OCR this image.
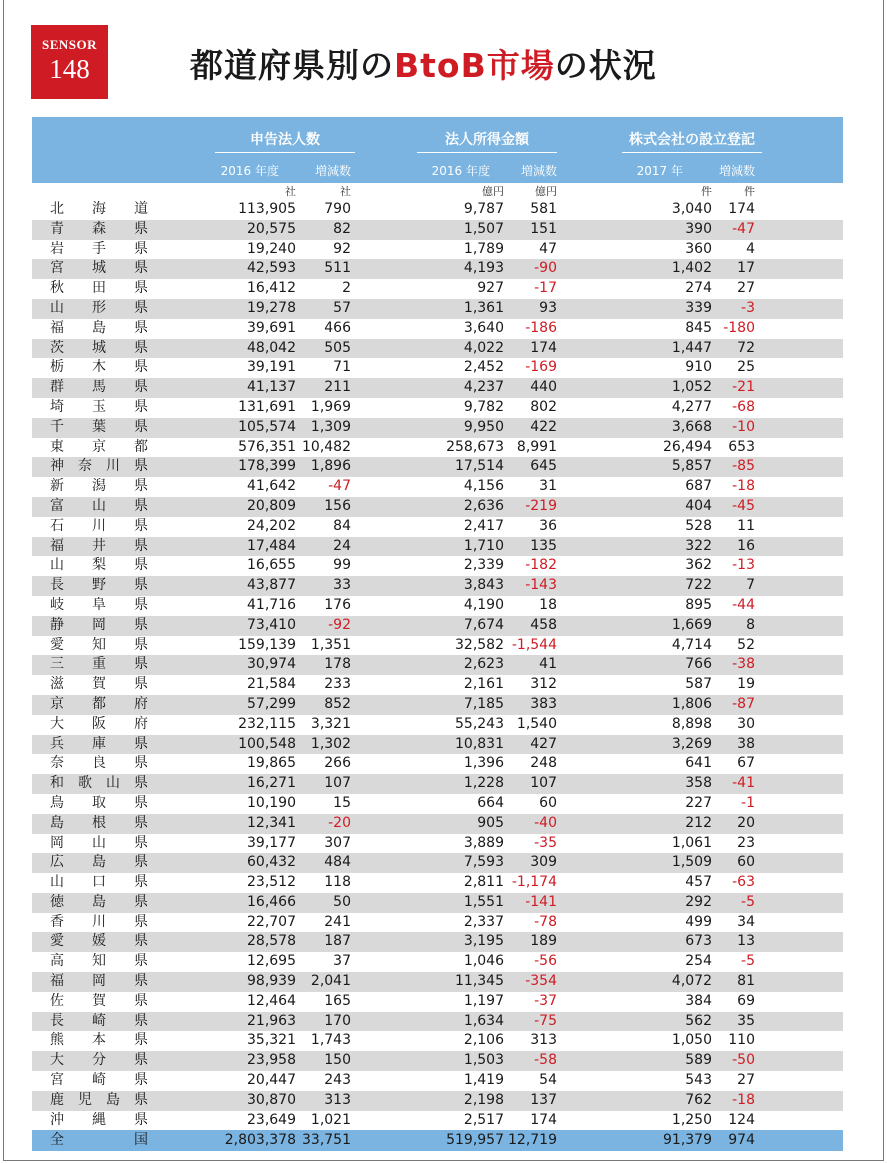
SENSOR
148	都道府県別のBtoB市場の状況
申告法人数	法人所得金額	株式会社の設立登記
2016 年度	増減数	2016 年度	増減数	2017 年	増減数
社	社	億円	億円	件	件
北 海 道	113,905 790	9,787 581	3,040 174
青 森 県	20,575	82	1,507 151	390 -47
岩 手 県	19,240	92	1,789	47	360 4
宮 城 県	42,593 511	4,193 -90	1,402 17
秋 田 県	16,412	2	927 -17	274 27
山 形 県	19,278	57	1,361	93	339 -3
福 島 県	39,691 466	3,640 -186	845 -180
茨 城 県	48,042 505	4,022 174	1,447 72
栃 木 県	39,191	71	2,452 -169	910 25
群 馬 県	41,137 211	4,237 440	1,052 -21
埼 玉 県	131,691 1,969	9,782 802	4,277 -68
千 葉 県	105,574 1,309	9,950 422	3,668 -10
東 京 都	576,351 10,482	258,673 8,991	26,494 653
神 奈 川 県	178,399 1,896	17,514 645	5,857 -85
新 潟 県	41,642 -47	4,156	31	687 -18
富 山 県	20,809 156	2,636 -219	404 -45
石 川 県	24,202	84	2,417	36	528 11
福 井 県	17,484	24	1,710 135	322 16
山 梨 県	16,655	99	2,339 -182	362 -13
長 野 県	43,877	33	3,843 -143	722 7
岐 阜 県	41,716 176	4,190	18	895 -44
静 岡 県	73,410 -92	7,674 458	1,669 8
愛 知 県	159,139 1,351	32,582 -1,544	4,714 52
三 重 県	30,974 178	2,623	41	766 -38
滋 賀 県	21,584 233	2,161 312	587 19
京 都 府	57,299 852	7,185 383	1,806 -87
大 阪 府	232,115 3,321	55,243 1,540	8,898 30
兵 庫 県	100,548 1,302	10,831 427	3,269 38
奈 良 県	19,865 266	1,396 248	641 67
和 歌 山 県	16,271 107	1,228 107	358 -41
鳥 取 県	10,190	15	664	60	227 -1
島 根 県	12,341 -20	905 -40	212 20
岡 山 県	39,177 307	3,889 -35	1,061 23
広 島 県	60,432 484	7,593 309	1,509 60
山 口 県	23,512 118	2,811 -1,174	457 -63
徳 島 県	16,466	50	1,551 -141	292 -5
香 川 県	22,707 241	2,337 -78	499 34
愛 媛 県	28,578 187	3,195 189	673 13
高 知 県	12,695	37	1,046 -56	254 -5
福 岡 県	98,939 2,041	11,345 -354	4,072 81
佐 賀 県	12,464 165	1,197 -37	384 69
長 崎 県	21,963 170	1,634 -75	562 35
熊 本 県	35,321 1,743	2,106 313	1,050 110
大 分 県	23,958 150	1,503 -58	589 -50
宮 崎 県	20,447 243	1,419	54	543 27
鹿 児 島 県	30,870 313	2,198 137	762 -18
沖 縄 県	23,649 1,021	2,517 174	1,250 124
全	国	2,803,378 33,751	519,957 12,719	91,379 974
